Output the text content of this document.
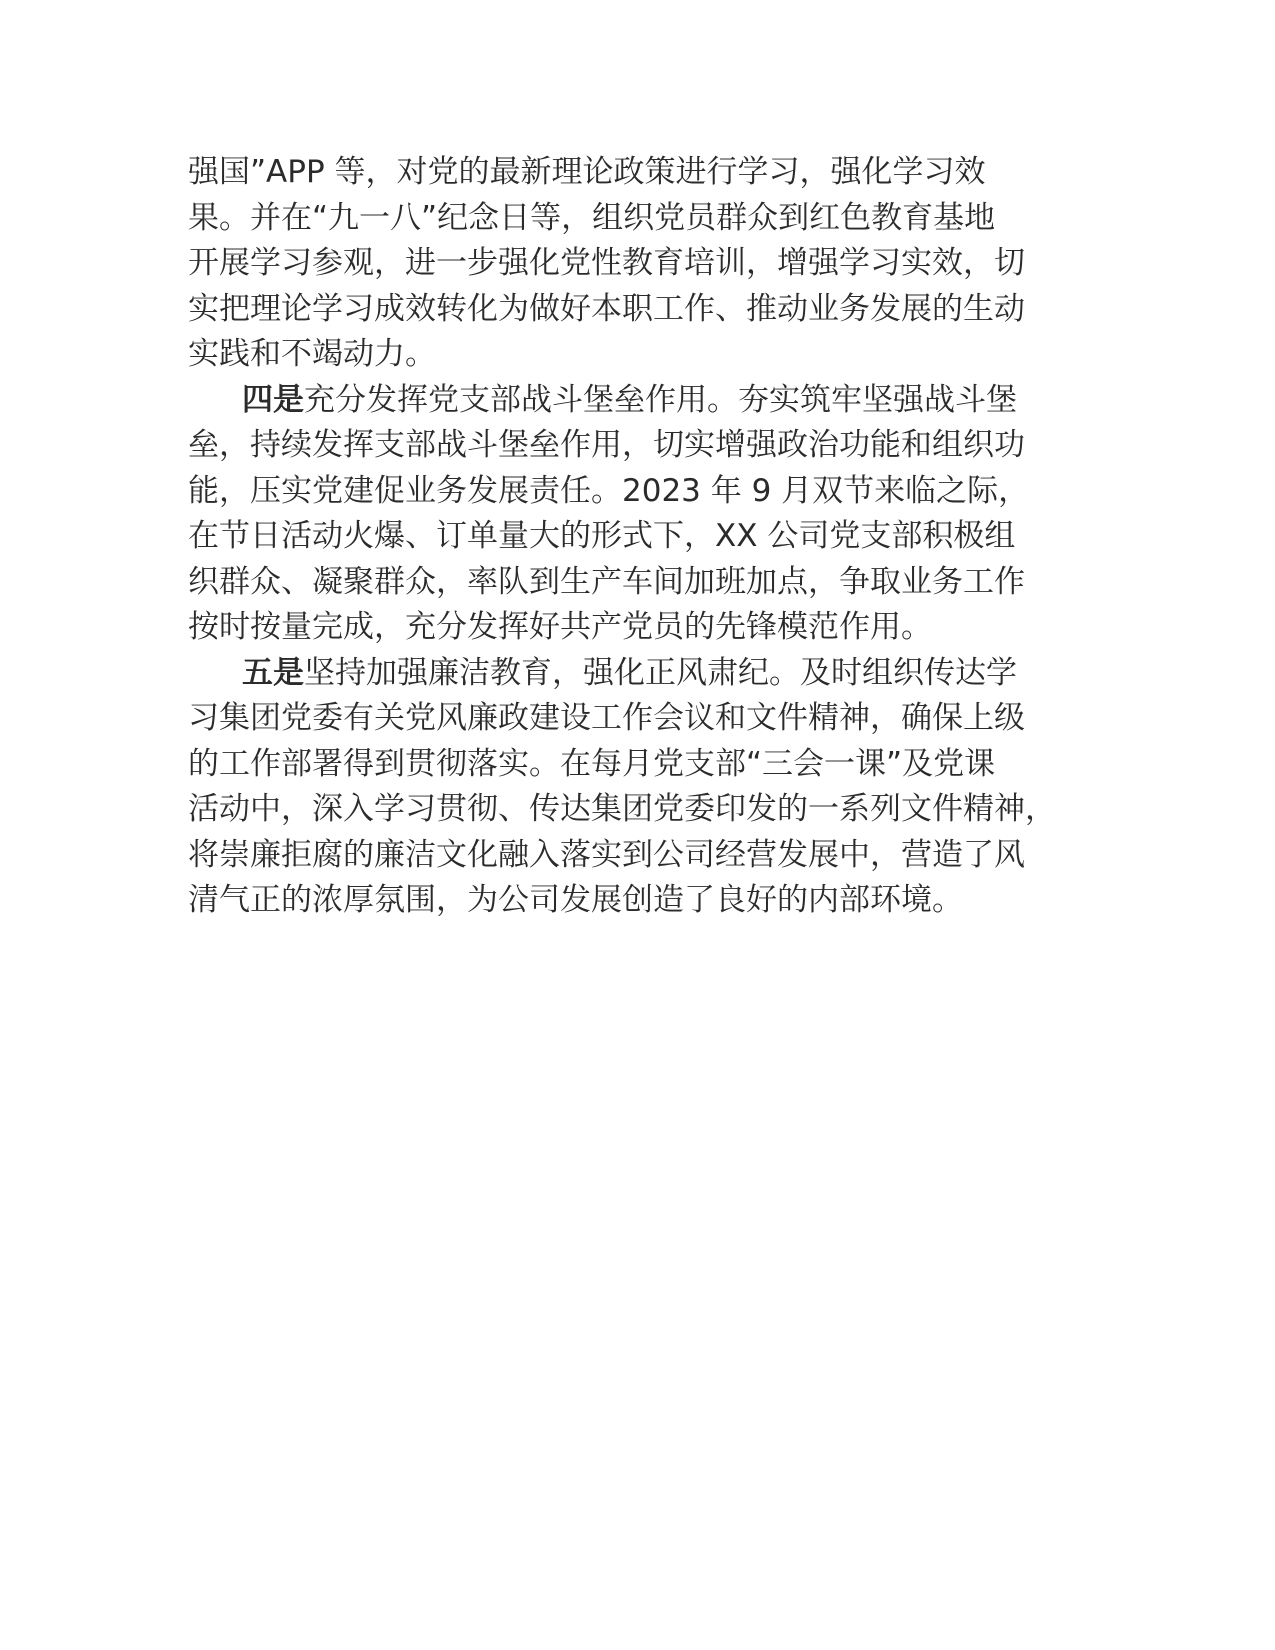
强国”APP 等，对党的最新理论政策进行学习，强化学习效
果。并在“九一八”纪念日等，组织党员群众到红色教育基地
开展学习参观，进一步强化党性教育培训，增强学习实效，切
实把理论学习成效转化为做好本职工作、推动业务发展的生动
实践和不竭动力。
四是充分发挥党支部战斗堡垒作用。夯实筑牢坚强战斗堡
垒，持续发挥支部战斗堡垒作用，切实增强政治功能和组织功
能，压实党建促业务发展责任。2023 年 9 月双节来临之际，
在节日活动火爆、订单量大的形式下，XX 公司党支部积极组
织群众、凝聚群众，率队到生产车间加班加点，争取业务工作
按时按量完成，充分发挥好共产党员的先锋模范作用。
五是坚持加强廉洁教育，强化正风肃纪。及时组织传达学
习集团党委有关党风廉政建设工作会议和文件精神，确保上级
的工作部署得到贯彻落实。在每月党支部“三会一课”及党课
活动中，深入学习贯彻、传达集团党委印发的一系列文件精神，
将崇廉拒腐的廉洁文化融入落实到公司经营发展中，营造了风
清气正的浓厚氛围，为公司发展创造了良好的内部环境。
